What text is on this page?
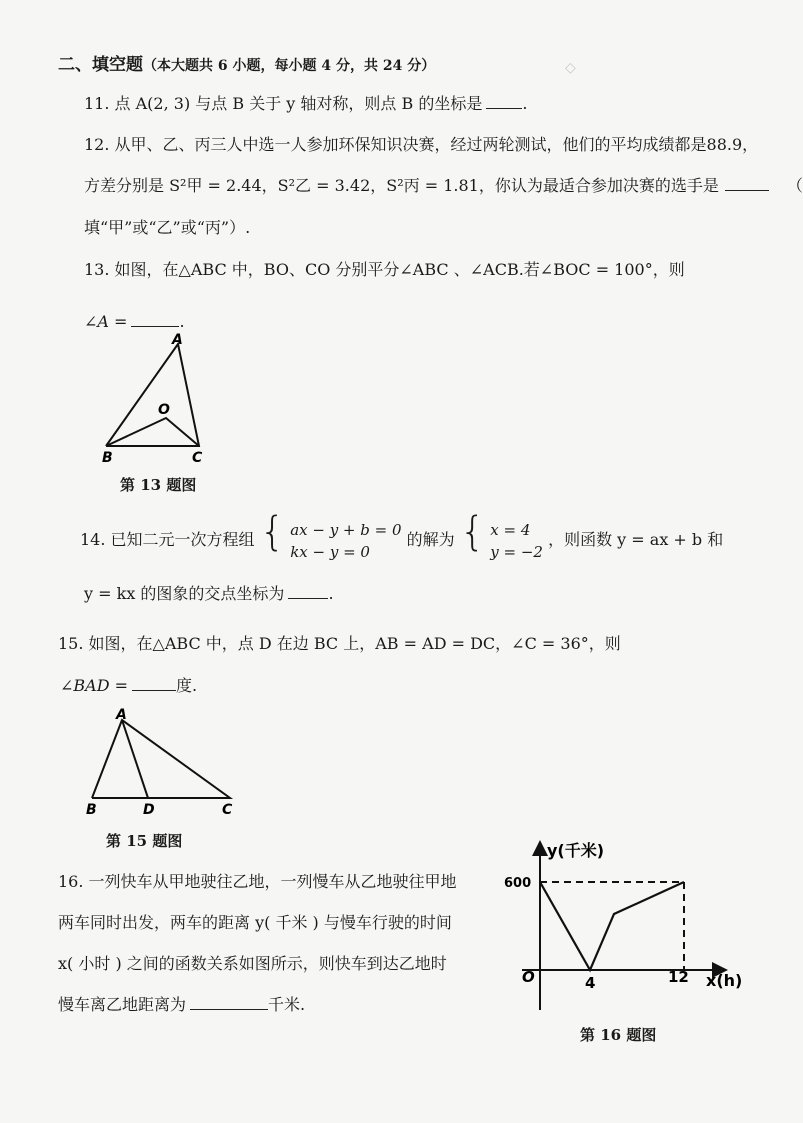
◇
二、填空题（本大题共 6 小题，每小题 4 分，共 24 分）
11. 点 A(2, 3) 与点 B 关于 y 轴对称，则点 B 的坐标是	.
12. 从甲、乙、丙三人中选一人参加环保知识决赛，经过两轮测试，他们的平均成绩都是88.9，
方差分别是 S²甲 = 2.44，S²乙 = 3.42，S²丙 = 1.81，你认为最适合参加决赛的选手是	（
填“甲”或“乙”或“丙”）.
13. 如图，在△ABC 中，BO、CO 分别平分∠ABC 、∠ACB.若∠BOC = 100°，则
∠A =	.
A
O
B	C
第 13 题图
14. 已知二元一次方程组 { ax − y + b = 0
kx − y = 0
的解为 { x = 4
y = −2
，则函数 y = ax + b 和
y = kx 的图象的交点坐标为	.
15. 如图，在△ABC 中，点 D 在边 BC 上，AB = AD = DC，∠C = 36°，则
∠BAD =	度.
A
B	D	C
第 15 题图
16. 一列快车从甲地驶往乙地，一列慢车从乙地驶往甲地
两车同时出发，两车的距离 y( 千米 ) 与慢车行驶的时间
x( 小时 ) 之间的函数关系如图所示，则快车到达乙地时
慢车离乙地距离为	千米.
y(千米)
600
O	4	12 x(h)
第 16 题图
